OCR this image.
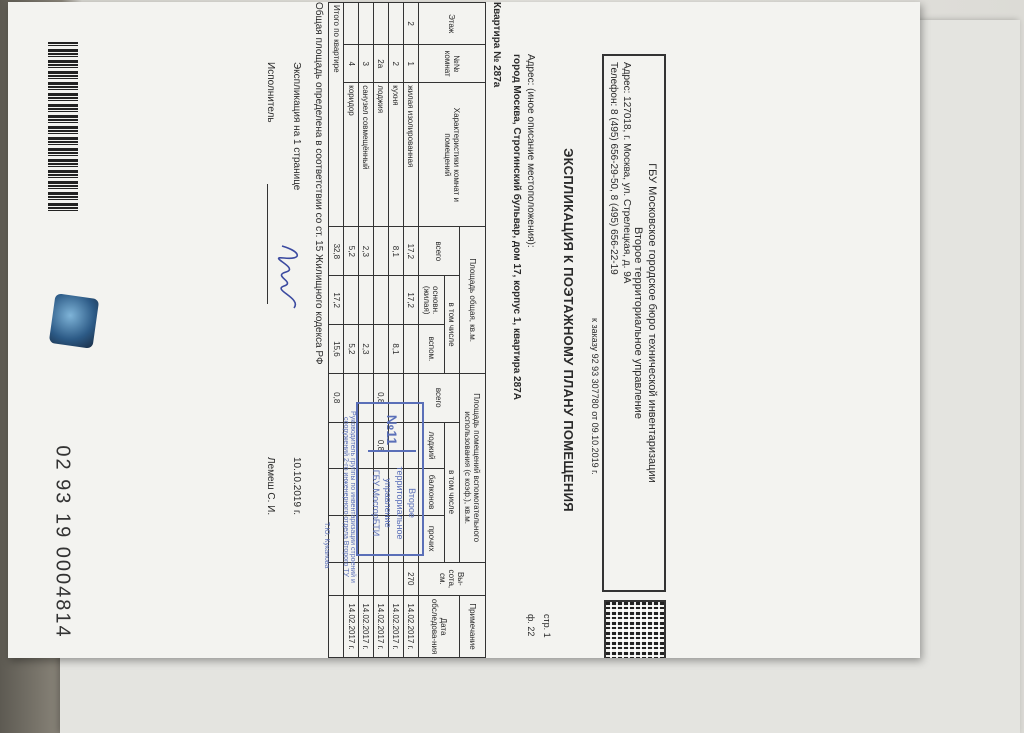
02 93 19 0004814
ГБУ Московское городское бюро технической инвентаризации
Второе территориальное управление
Адрес: 127018, г. Москва, ул. Стрелецкая, д. 9А
Телефон: 8 (495) 656-29-50, 8 (495) 656-22-19
к заказу 92 93 307780 от 09.10.2019 г.
ЭКСПЛИКАЦИЯ К ПОЭТАЖНОМУ ПЛАНУ ПОМЕЩЕНИЯ
стр. 1
ф. 22
Адрес: (иное описание местоположения):
город Москва, Строгинский бульвар, дом 17, корпус 1, квартира 287А
Квартира № 287а
Этаж	№№ комнат	Характеристики комнат и помещений	Площадь общая, кв.м.			Площадь помещений вспомогательного использования (с коэф.), кв.м.				Вы-сота, см.	Примечание
			всего	в том числе		всего	в том числе				Дата обследова-ния
				основн. (жилая)	вспом.		лоджий	балконов	прочих		
2	1	жилая изолированная	17,2	17,2						270	14.02.2017 г.
	2	кухня	8,1		8,1						14.02.2017 г.
	2а	лоджия				0,8	0,8				14.02.2017 г.
	3	санузел совмещённый	2,3		2,3						14.02.2017 г.
	4	коридор	5,2		5,2						14.02.2017 г.
Итого по квартире			32,8	17,2	15,6	0,8					
Общая площадь определена в соответствии со ст. 15 Жилищного кодекса РФ
Экспликация на 1 странице
10.10.2019 г.
Исполнитель
Лемеш С. И.
№11
Второе территориальное управление
ГБУ МосгорБТИ
Руководитель группы по инвентаризации строений и сооружений 2-го инженерного отдела Второго ТУ
Т.Ю. Куканова
